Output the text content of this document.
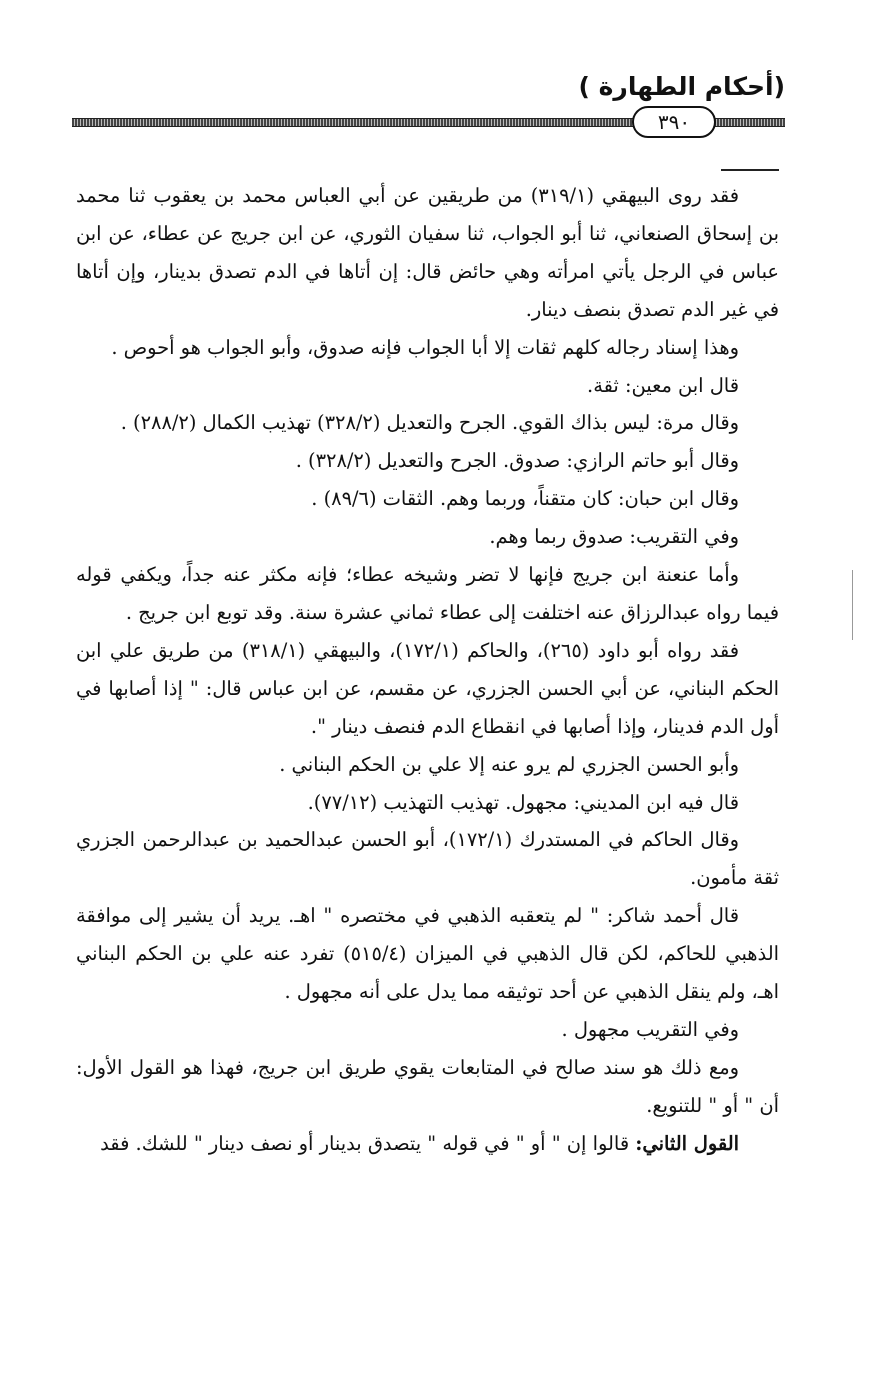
(أحكام الطهارة )
٣٩٠

فقد روى البيهقي (٣١٩/١) من طريقين عن أبي العباس محمد بن يعقوب ثنا محمد بن إسحاق الصنعاني، ثنا أبو الجواب، ثنا سفيان الثوري، عن ابن جريج عن عطاء، عن ابن عباس في الرجل يأتي امرأته وهي حائض قال: إن أتاها في الدم تصدق بدينار، وإن أتاها في غير الدم تصدق بنصف دينار.

وهذا إسناد رجاله كلهم ثقات إلا أبا الجواب فإنه صدوق، وأبو الجواب هو أحوص .

قال ابن معين: ثقة.

وقال مرة: ليس بذاك القوي. الجرح والتعديل (٣٢٨/٢) تهذيب الكمال (٢٨٨/٢) .

وقال أبو حاتم الرازي: صدوق. الجرح والتعديل (٣٢٨/٢) .

وقال ابن حبان: كان متقناً، وربما وهم. الثقات (٨٩/٦) .

وفي التقريب: صدوق ربما وهم.

وأما عنعنة ابن جريج فإنها لا تضر وشيخه عطاء؛ فإنه مكثر عنه جداً، ويكفي قوله فيما رواه عبدالرزاق عنه اختلفت إلى عطاء ثماني عشرة سنة. وقد توبع ابن جريج .

فقد رواه أبو داود (٢٦٥)، والحاكم (١٧٢/١)، والبيهقي (٣١٨/١) من طريق علي ابن الحكم البناني، عن أبي الحسن الجزري، عن مقسم، عن ابن عباس قال: " إذا أصابها في أول الدم فدينار، وإذا أصابها في انقطاع الدم فنصف دينار ".

وأبو الحسن الجزري لم يرو عنه إلا علي بن الحكم البناني .

قال فيه ابن المديني: مجهول. تهذيب التهذيب (٧٧/١٢).

وقال الحاكم في المستدرك (١٧٢/١)، أبو الحسن عبدالحميد بن عبدالرحمن الجزري ثقة مأمون.

قال أحمد شاكر: " لم يتعقبه الذهبي في مختصره " اهـ. يريد أن يشير إلى موافقة الذهبي للحاكم، لكن قال الذهبي في الميزان (٥١٥/٤) تفرد عنه علي بن الحكم البناني اهـ، ولم ينقل الذهبي عن أحد توثيقه مما يدل على أنه مجهول .

وفي التقريب مجهول .

ومع ذلك هو سند صالح في المتابعات يقوي طريق ابن جريج، فهذا هو القول الأول: أن " أو " للتنويع.

القول الثاني: قالوا إن " أو " في قوله " يتصدق بدينار أو نصف دينار " للشك. فقد
